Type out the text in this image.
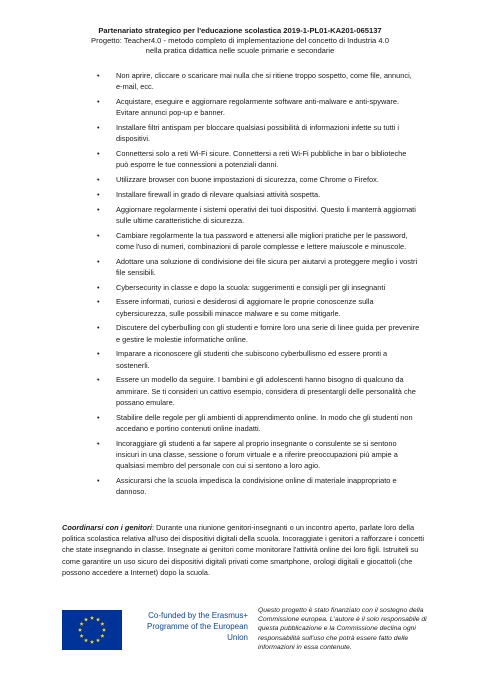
Partenariato strategico per l'educazione scolastica 2019-1-PL01-KA201-065137
Progetto: Teacher4.0 - metodo completo di implementazione del concetto di Industria 4.0
nella pratica didattica nelle scuole primarie e secondarie
• Non aprire, cliccare o scaricare mai nulla che si ritiene troppo sospetto, come file, annunci, e-mail, ecc.
• Acquistare, eseguire e aggiornare regolarmente software anti-malware e anti-spyware. Evitare annunci pop-up e banner.
• Installare filtri antispam per bloccare qualsiasi possibilità di informazioni infette su tutti i dispositivi.
• Connettersi solo a reti Wi-Fi sicure. Connettersi a reti Wi-Fi pubbliche in bar o biblioteche può esporre le tue connessioni a potenziali danni.
• Utilizzare browser con buone impostazioni di sicurezza, come Chrome o Firefox.
• Installare firewall in grado di rilevare qualsiasi attività sospetta.
• Aggiornare regolarmente i sistemi operativi dei tuoi dispositivi. Questo li manterrà aggiornati sulle ultime caratteristiche di sicurezza.
• Cambiare regolarmente la tua password e attenersi alle migliori pratiche per le password, come l'uso di numeri, combinazioni di parole complesse e lettere maiuscole e minuscole.
• Adottare una soluzione di condivisione dei file sicura per aiutarvi a proteggere meglio i vostri file sensibili.
• Cybersecurity in classe e dopo la scuola: suggerimenti e consigli per gli insegnanti
• Essere informati, curiosi e desiderosi di aggiornare le proprie conoscenze sulla cybersicurezza, sulle possibili minacce malware e su come mitigarle.
• Discutere del cyberbulling con gli studenti e fornire loro una serie di linee guida per prevenire e gestire le molestie informatiche online.
• Imparare a riconoscere gli studenti che subiscono cyberbullismo ed essere pronti a sostenerli.
• Essere un modello da seguire. I bambini e gli adolescenti hanno bisogno di qualcuno da ammirare. Se ti consideri un cattivo esempio, considera di presentargli delle personalità che possano emulare.
• Stabilire delle regole per gli ambienti di apprendimento online. In modo che gli studenti non accedano e portino contenuti online inadatti.
• Incoraggiare gli studenti a far sapere al proprio insegnante o consulente se si sentono insicuri in una classe, sessione o forum virtuale e a riferire preoccupazioni più ampie a qualsiasi membro del personale con cui si sentono a loro agio.
• Assicurarsi che la scuola impedisca la condivisione online di materiale inappropriato e dannoso.
Coordinarsi con i genitori: Durante una riunione genitori-insegnanti o un incontro aperto, parlate loro della politica scolastica relativa all'uso dei dispositivi digitali della scuola. Incoraggiate i genitori a rafforzare i concetti che state insegnando in classe. Insegnate ai genitori come monitorare l'attività online dei loro figli. Istruiteli su come garantire un uso sicuro dei dispositivi digitali privati come smartphone, orologi digitali e giocattoli (che possono accedere a Internet) dopo la scuola.
Co-funded by the Erasmus+ Programme of the European Union
Questo progetto è stato finanziato con il sostegno della Commissione europea. L'autore è il solo responsabile di questa pubblicazione e la Commissione declina ogni responsabilità sull'uso che potrà essere fatto delle informazioni in essa contenute.
